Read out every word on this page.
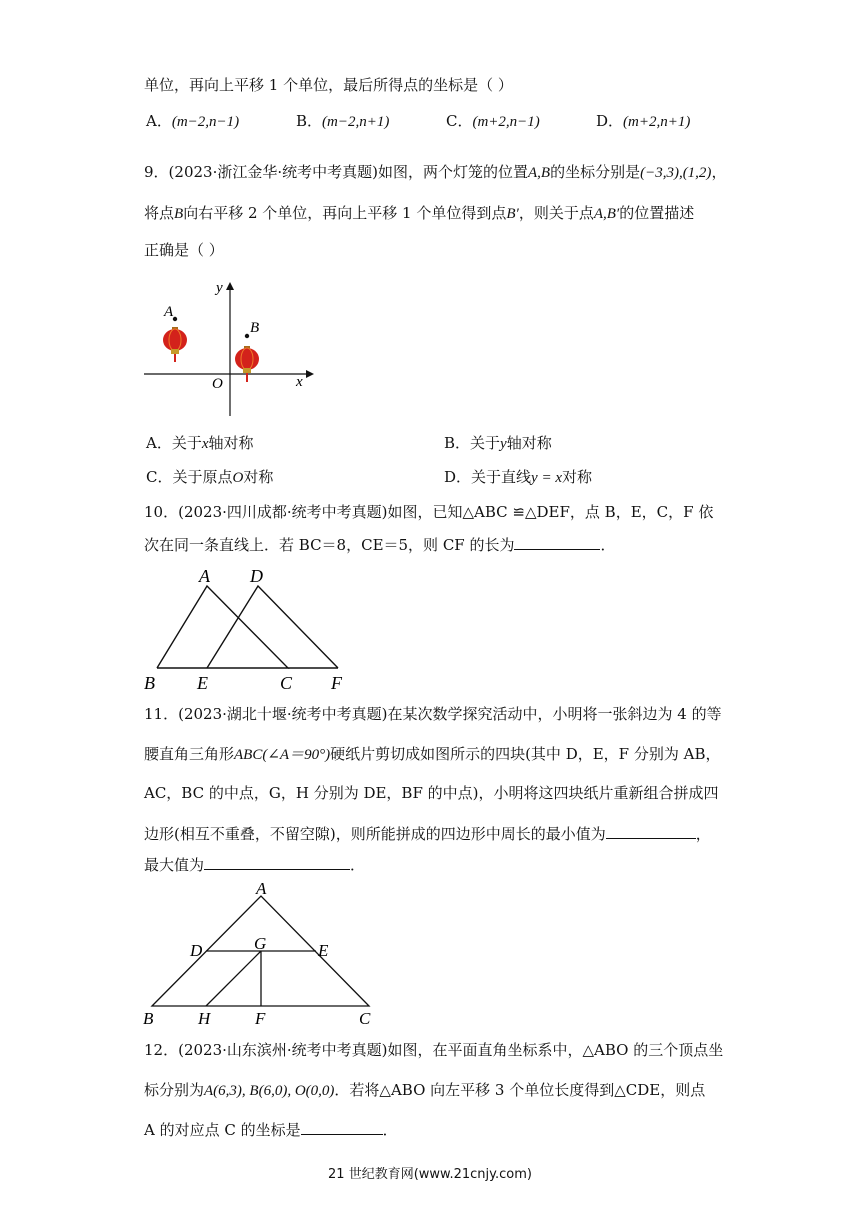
单位，再向上平移 1 个单位，最后所得点的坐标是（ ）
A．(m−2,n−1)	B．(m−2,n+1)	C．(m+2,n−1)	D．(m+2,n+1)
9．(2023·浙江金华·统考中考真题)如图，两个灯笼的位置A,B的坐标分别是(−3,3),(1,2)，
将点B向右平移 2 个单位，再向上平移 1 个单位得到点B′，则关于点A,B′的位置描述
正确是（ ）
y
x
O
A
B
A．关于x轴对称	B．关于y轴对称
C．关于原点O对称	D．关于直线y = x对称
10．(2023·四川成都·统考中考真题)如图，已知△ABC ≌△DEF，点 B，E，C，F 依
次在同一条直线上．若 BC＝8，CE＝5，则 CF 的长为	．
A D
B E	C F
11．(2023·湖北十堰·统考中考真题)在某次数学探究活动中，小明将一张斜边为 4 的等
腰直角三角形ABC(∠A＝90°)硬纸片剪切成如图所示的四块(其中 D，E，F 分别为 AB，
AC，BC 的中点，G，H 分别为 DE，BF 的中点)，小明将这四块纸片重新组合拼成四
边形(相互不重叠，不留空隙)，则所能拼成的四边形中周长的最小值为	，
最大值为	．
A
D	G	E
B	H	F	C
12．(2023·山东滨州·统考中考真题)如图，在平面直角坐标系中，△ABO 的三个顶点坐
标分别为A(6,3), B(6,0), O(0,0)．若将△ABO 向左平移 3 个单位长度得到△CDE，则点
A 的对应点 C 的坐标是	．
21 世纪教育网(www.21cnjy.com)
